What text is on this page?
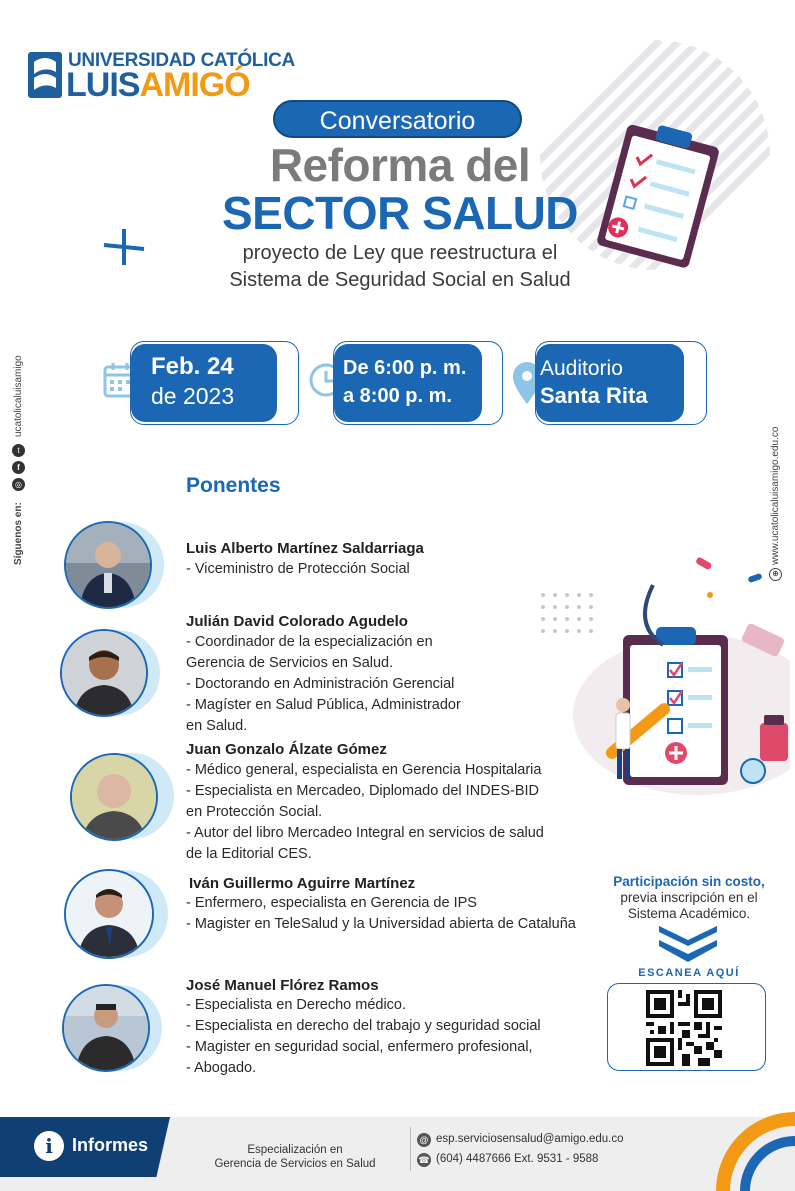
UNIVERSIDAD CATÓLICA
LUISAMIGÓ
Conversatorio
Reforma del
SECTOR SALUD
proyecto de Ley que reestructura el
Sistema de Seguridad Social en Salud
Feb. 24
de 2023
De 6:00 p. m.
a 8:00 p. m.
Auditorio
Santa Rita
Síguenos en:
◎
f
t
ucatolicaluisamigo
www.ucatolicaluisamigo.edu.co
⊕
Ponentes
Luis Alberto Martínez Saldarriaga
- Viceministro de Protección Social
Julián David Colorado Agudelo
- Coordinador de la especialización en
Gerencia de Servicios en Salud.
- Doctorando en Administración Gerencial
- Magíster en Salud Pública, Administrador
en Salud.
Juan Gonzalo Álzate Gómez
- Médico general, especialista en Gerencia Hospitalaria
- Especialista en Mercadeo, Diplomado del INDES-BID
en Protección Social.
- Autor del libro Mercadeo Integral en servicios de salud
de la Editorial CES.
Iván Guillermo Aguirre Martínez
- Enfermero, especialista en Gerencia de IPS
- Magister en TeleSalud y la Universidad abierta de Cataluña
José Manuel Flórez Ramos
- Especialista en Derecho médico.
- Especialista en derecho del trabajo y seguridad social
- Magister en seguridad social, enfermero profesional,
- Abogado.
Participación sin costo,
previa inscripción en el
Sistema Académico.
ESCANEA AQUÍ
i	Informes	Especialización en
Gerencia de Servicios en Salud
@ esp.serviciosensalud@amigo.edu.co
☎ (604) 4487666 Ext. 9531 - 9588
